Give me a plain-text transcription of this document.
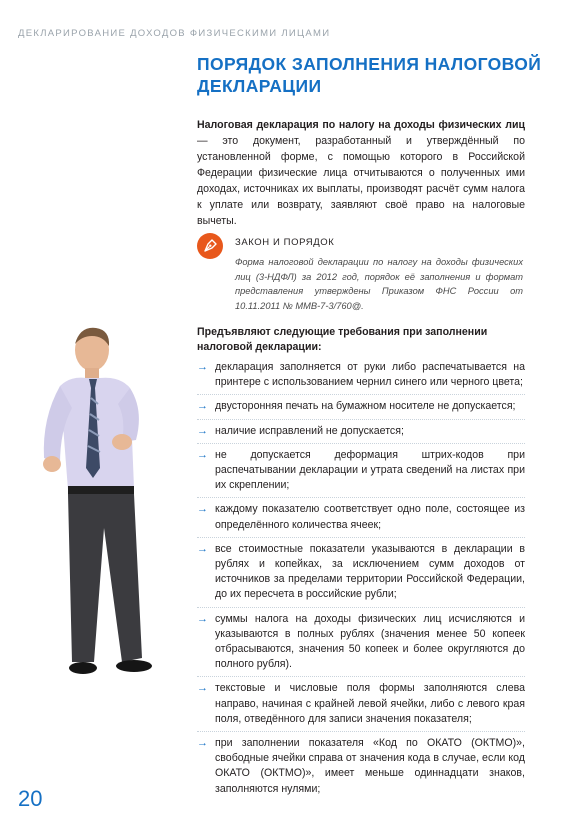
ДЕКЛАРИРОВАНИЕ ДОХОДОВ ФИЗИЧЕСКИМИ ЛИЦАМИ
ПОРЯДОК ЗАПОЛНЕНИЯ НАЛОГОВОЙ
ДЕКЛАРАЦИИ
Налоговая декларация по налогу на доходы физических лиц — это документ, разработанный и утверждённый по установленной форме, с помощью которого в Российской Федерации физические лица отчитываются о полученных ими доходах, источниках их выплаты, производят расчёт сумм налога к уплате или возврату, заявляют своё право на налоговые вычеты.
ЗАКОН И ПОРЯДОК
Форма налоговой декларации по налогу на доходы физических лиц (3-НДФЛ) за 2012 год, порядок её заполнения и формат представления утверждены Приказом ФНС России от 10.11.2011 № ММВ-7-3/760@.
Предъявляют следующие требования при заполнении налоговой декларации:
→ декларация заполняется от руки либо распечатывается на принтере с использованием чернил синего или черного цвета;
→ двусторонняя печать на бумажном носителе не допускается;
→ наличие исправлений не допускается;
→ не допускается деформация штрих-кодов при распечатывании декларации и утрата сведений на листах при их скреплении;
→ каждому показателю соответствует одно поле, состоящее из определённого количества ячеек;
→ все стоимостные показатели указываются в декларации в рублях и копейках, за исключением сумм доходов от источников за пределами территории Российской Федерации, до их пересчета в российские рубли;
→ суммы налога на доходы физических лиц исчисляются и указываются в полных рублях (значения менее 50 копеек отбрасываются, значения 50 копеек и более округляются до полного рубля).
→ текстовые и числовые поля формы заполняются слева направо, начиная с крайней левой ячейки, либо с левого края поля, отведённого для записи значения показателя;
→ при заполнении показателя «Код по ОКАТО (ОКТМО)», свободные ячейки справа от значения кода в случае, если код ОКАТО (ОКТМО)», имеет меньше одиннадцати знаков, заполняются нулями;
20
